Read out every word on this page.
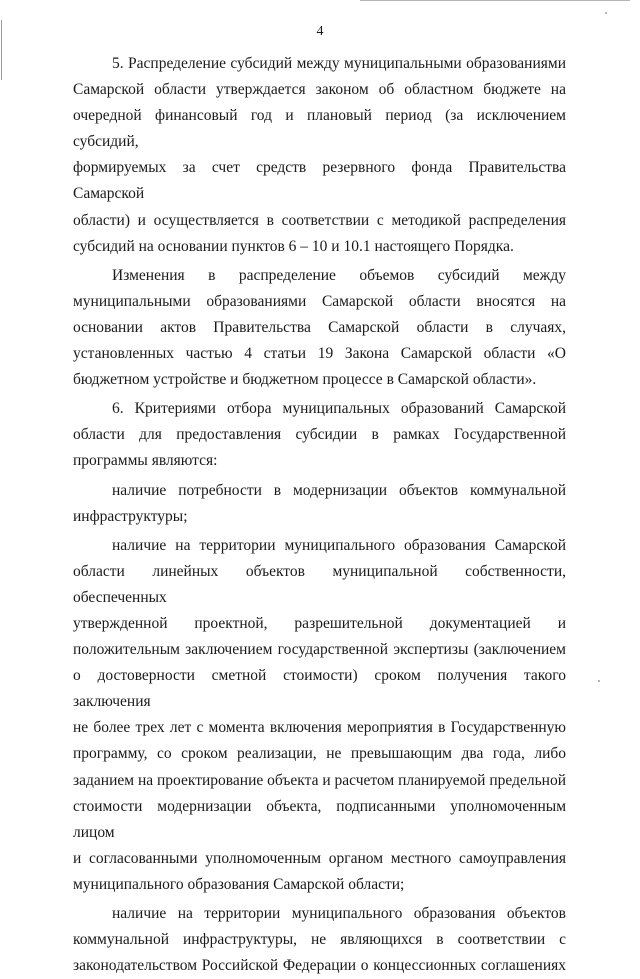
4
5. Распределение субсидий между муниципальными образованиями
Самарской области утверждается законом об областном бюджете на
очередной финансовый год и плановый период (за исключением субсидий,
формируемых за счет средств резервного фонда Правительства Самарской
области) и осуществляется в соответствии с методикой распределения
субсидий на основании пунктов 6 – 10 и 10.1 настоящего Порядка.
Изменения в распределение объемов субсидий между
муниципальными образованиями Самарской области вносятся на
основании актов Правительства Самарской области в случаях,
установленных частью 4 статьи 19 Закона Самарской области «О
бюджетном устройстве и бюджетном процессе в Самарской области».
6. Критериями отбора муниципальных образований Самарской
области для предоставления субсидии в рамках Государственной
программы являются:
наличие потребности в модернизации объектов коммунальной
инфраструктуры;
наличие на территории муниципального образования Самарской
области линейных объектов муниципальной собственности, обеспеченных
утвержденной проектной, разрешительной документацией и
положительным заключением государственной экспертизы (заключением
о достоверности сметной стоимости) сроком получения такого заключения
не более трех лет с момента включения мероприятия в Государственную
программу, со сроком реализации, не превышающим два года, либо
заданием на проектирование объекта и расчетом планируемой предельной
стоимости модернизации объекта, подписанными уполномоченным лицом
и согласованными уполномоченным органом местного самоуправления
муниципального образования Самарской области;
наличие на территории муниципального образования объектов
коммунальной инфраструктуры, не являющихся в соответствии с
законодательством Российской Федерации о концессионных соглашениях
